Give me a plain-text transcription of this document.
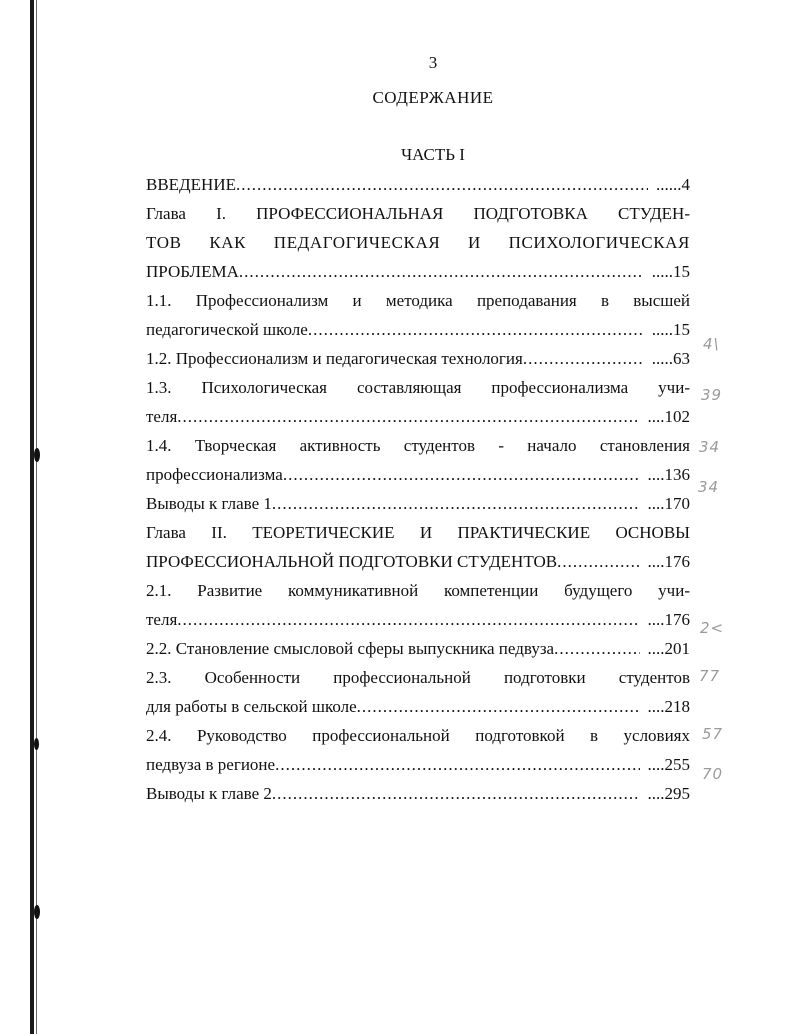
3
СОДЕРЖАНИЕ
ЧАСТЬ I
ВВЕДЕНИЕ .....	......4
Глава I. ПРОФЕССИОНАЛЬНАЯ ПОДГОТОВКА СТУДЕН-
ТОВ КАК ПЕДАГОГИЧЕСКАЯ И ПСИХОЛОГИЧЕСКАЯ
ПРОБЛЕМА .....	.....15
1.1. Профессионализм и методика преподавания в высшей
педагогической школе .....	.....15
1.2. Профессионализм и педагогическая технология .....	.....63
1.3. Психологическая составляющая профессионализма учи-
теля .....	....102
1.4. Творческая активность студентов - начало становления
профессионализма .....	....136
Выводы к главе 1 .....	....170
Глава II. ТЕОРЕТИЧЕСКИЕ И ПРАКТИЧЕСКИЕ ОСНОВЫ
ПРОФЕССИОНАЛЬНОЙ ПОДГОТОВКИ СТУДЕНТОВ .....	....176
2.1. Развитие коммуникативной компетенции будущего учи-
теля .....	....176
2.2. Становление смысловой сферы выпускника педвуза .....	....201
2.3. Особенности профессиональной подготовки студентов
для работы в сельской школе .....	....218
2.4. Руководство профессиональной подготовкой в условиях
педвуза в регионе .....	....255
Выводы к главе 2 .....	....295
4\
39
34
34
2<
77
57
70
